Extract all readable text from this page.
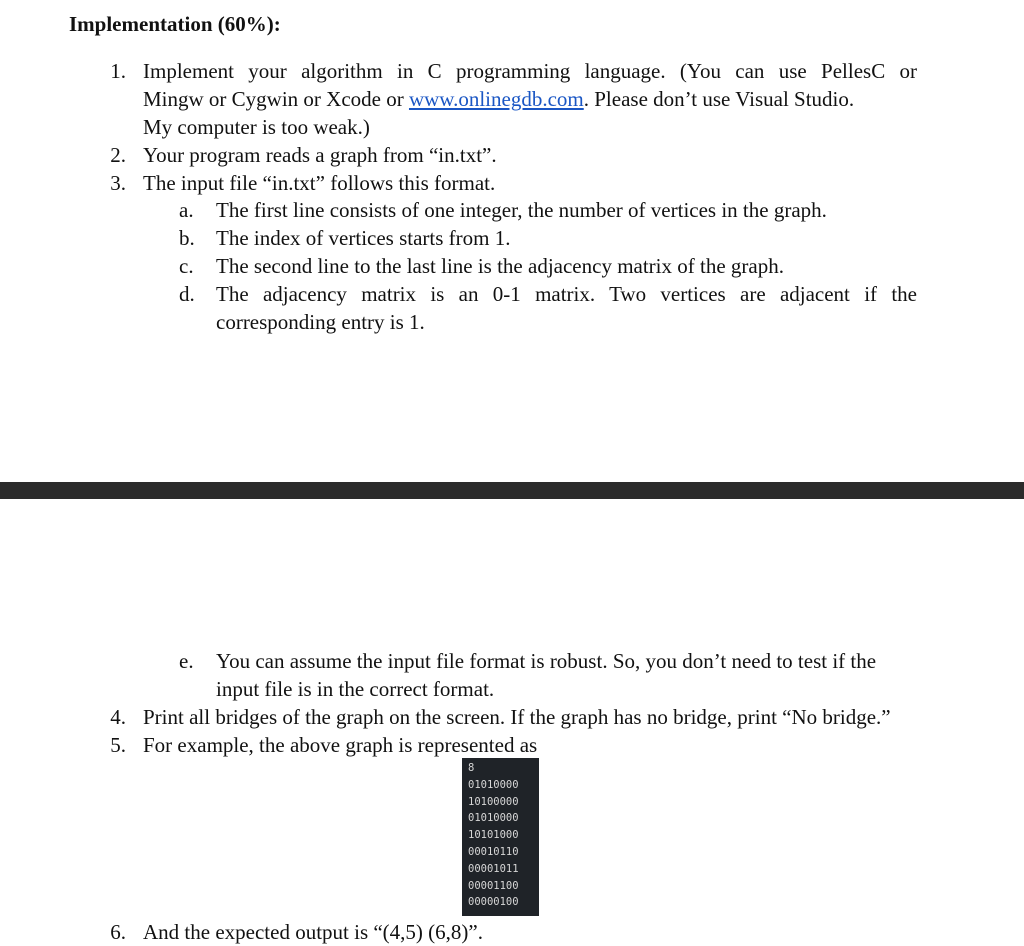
Implementation (60%):
1. Implement your algorithm in C programming language. (You can use PellesC or
Mingw or Cygwin or Xcode or www.onlinegdb.com. Please don’t use Visual Studio.
My computer is too weak.)
2. Your program reads a graph from “in.txt”.
3. The input file “in.txt” follows this format.
a. The first line consists of one integer, the number of vertices in the graph.
b. The index of vertices starts from 1.
c. The second line to the last line is the adjacency matrix of the graph.
d. The adjacency matrix is an 0-1 matrix. Two vertices are adjacent if the
corresponding entry is 1.
e. You can assume the input file format is robust. So, you don’t need to test if the
input file is in the correct format.
4. Print all bridges of the graph on the screen. If the graph has no bridge, print “No bridge.”
5. For example, the above graph is represented as
8
01010000
10100000
01010000
10101000
00010110
00001011
00001100
00000100
6. And the expected output is “(4,5) (6,8)”.
